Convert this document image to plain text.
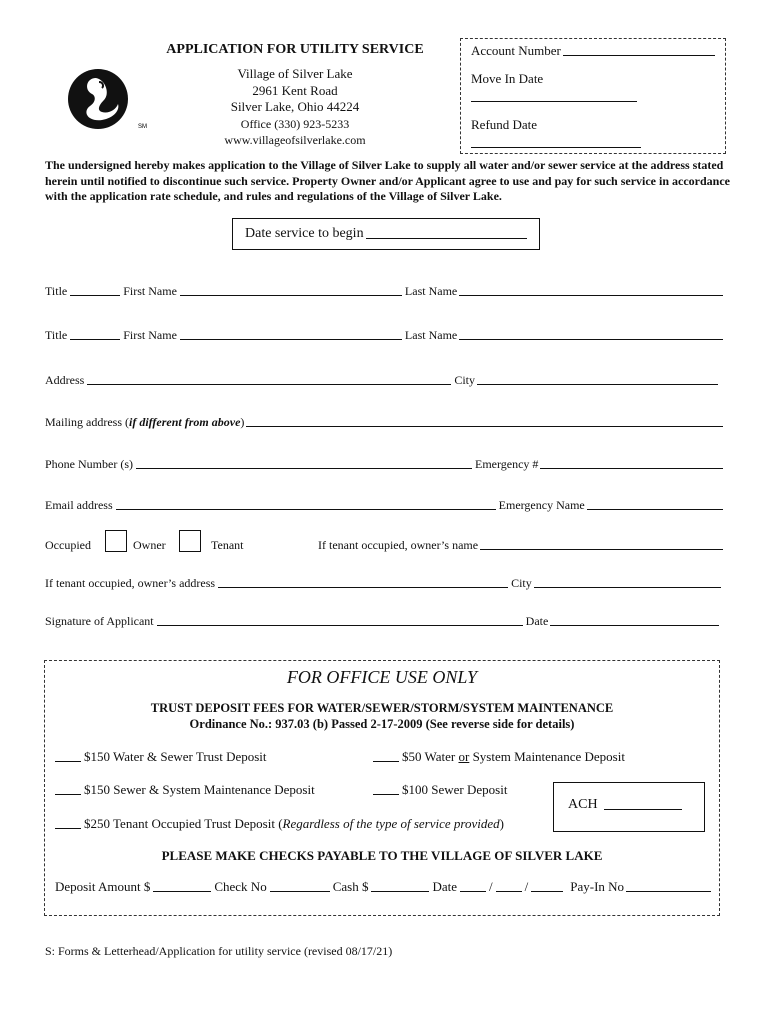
SM
APPLICATION FOR UTILITY SERVICE
Village of Silver Lake
2961 Kent Road
Silver Lake, Ohio 44224
Office (330) 923-5233
www.villageofsilverlake.com
Account Number
Move In Date
Refund Date
The undersigned hereby makes application to the Village of Silver Lake to supply all water and/or sewer service at the address stated herein until notified to discontinue such service. Property Owner and/or Applicant agree to use and pay for such service in accordance with the application rate schedule, and rules and regulations of the Village of Silver Lake.
Date service to begin
Title	First Name	Last Name
Title	First Name	Last Name
Address	City
Mailing address (if different from above)
Phone Number (s)	Emergency #
Email address	Emergency Name
Occupied	Owner	Tenant	If tenant occupied, owner’s name
If tenant occupied, owner’s address	City
Signature of Applicant	Date
FOR OFFICE USE ONLY
TRUST DEPOSIT FEES FOR WATER/SEWER/STORM/SYSTEM MAINTENANCE
Ordinance No.: 937.03 (b) Passed 2-17-2009 (See reverse side for details)
$150 Water & Sewer Trust Deposit	$50 Water or System Maintenance Deposit
$150 Sewer & System Maintenance Deposit	$100 Sewer Deposit
$250 Tenant Occupied Trust Deposit (Regardless of the type of service provided)
ACH
PLEASE MAKE CHECKS PAYABLE TO THE VILLAGE OF SILVER LAKE
Deposit Amount $	Check No	Cash $	Date / /	Pay-In No
S: Forms & Letterhead/Application for utility service (revised 08/17/21)
